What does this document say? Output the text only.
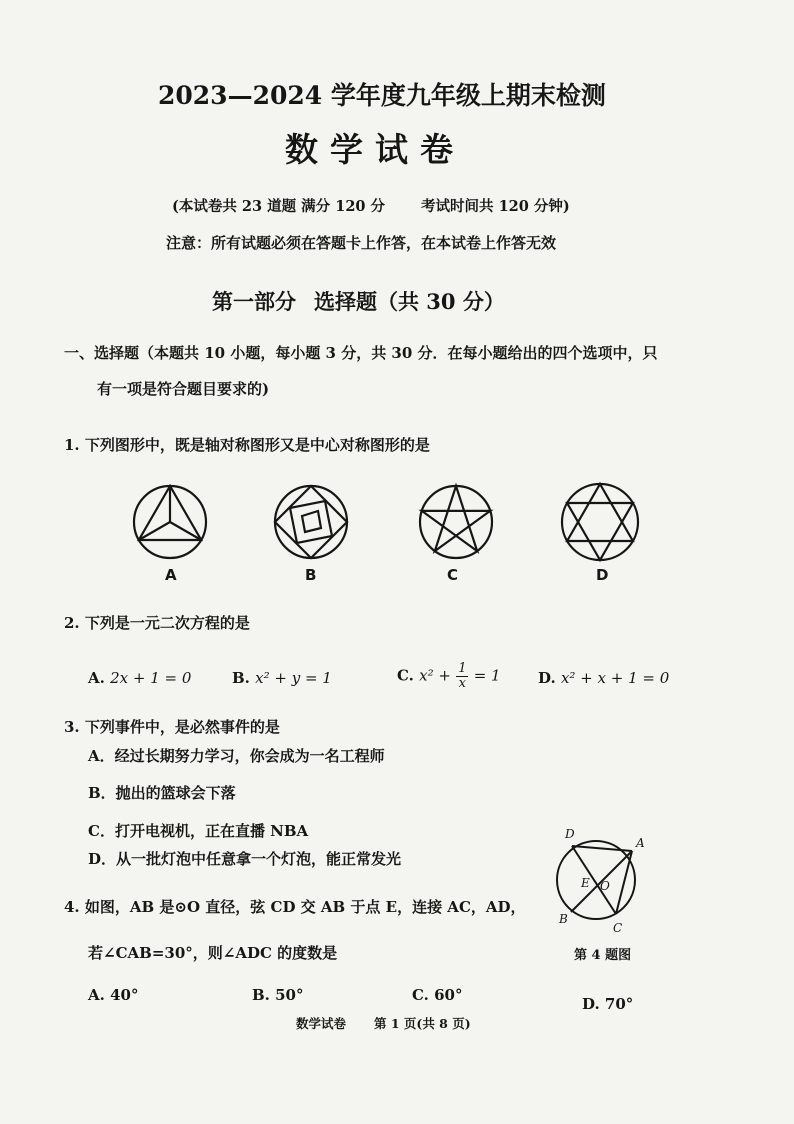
2023—2024 学年度九年级上期末检测
数学试卷
(本试卷共 23 道题 满分 120 分 考试时间共 120 分钟)
注意：所有试题必须在答题卡上作答，在本试卷上作答无效
第一部分 选择题（共 30 分）
一、选择题（本题共 10 小题，每小题 3 分，共 30 分．在每小题给出的四个选项中，只
有一项是符合题目要求的)
1. 下列图形中，既是轴对称图形又是中心对称图形的是
A	B	C	D
2. 下列是一元二次方程的是
A. 2x + 1 = 0	B. x² + y = 1	C. $x^2 + \frac{1}{x} = 1$ D. x² + x + 1 = 0
3. 下列事件中，是必然事件的是
A．经过长期努力学习，你会成为一名工程师
B．抛出的篮球会下落
C．打开电视机，正在直播 NBA
D．从一批灯泡中任意拿一个灯泡，能正常发光
4. 如图，AB 是⊙O 直径，弦 CD 交 AB 于点 E，连接 AC，AD，
若∠CAB=30°，则∠ADC 的度数是
D
A
E O
B
C
第 4 题图
A. 40°	B. 50°	C. 60°	D. 70°
数学试卷 第 1 页(共 8 页)
